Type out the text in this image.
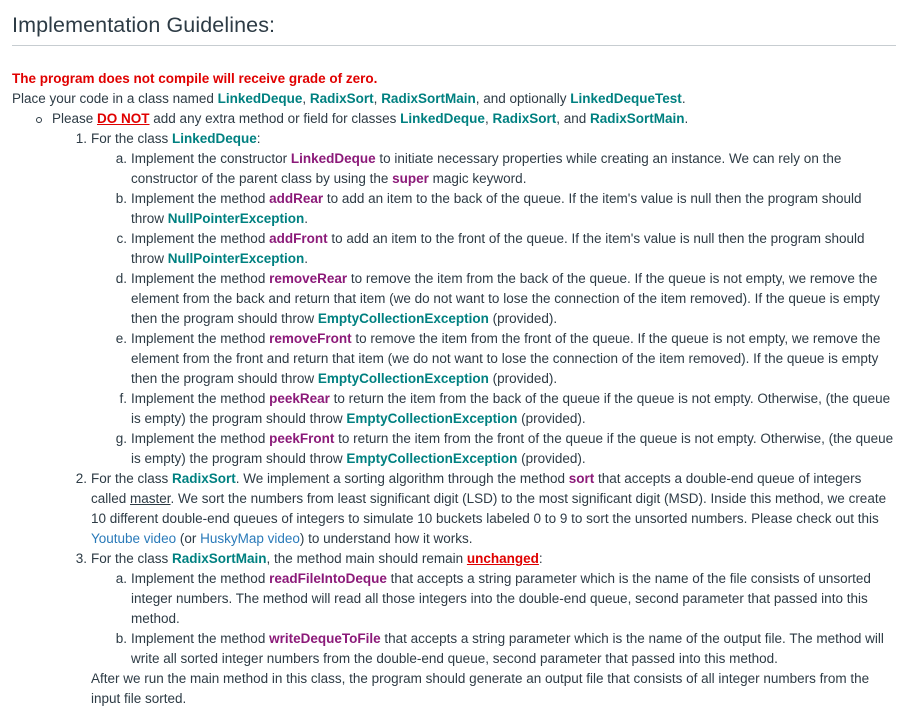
Implementation Guidelines:
The program does not compile will receive grade of zero.
Place your code in a class named LinkedDeque, RadixSort, RadixSortMain, and optionally LinkedDequeTest.
Please DO NOT add any extra method or field for classes LinkedDeque, RadixSort, and RadixSortMain.
1. For the class LinkedDeque:
a. Implement the constructor LinkedDeque to initiate necessary properties while creating an instance. We can rely on the constructor of the parent class by using the super magic keyword.
b. Implement the method addRear to add an item to the back of the queue. If the item's value is null then the program should throw NullPointerException.
c. Implement the method addFront to add an item to the front of the queue. If the item's value is null then the program should throw NullPointerException.
d. Implement the method removeRear to remove the item from the back of the queue. If the queue is not empty, we remove the element from the back and return that item (we do not want to lose the connection of the item removed). If the queue is empty then the program should throw EmptyCollectionException (provided).
e. Implement the method removeFront to remove the item from the front of the queue. If the queue is not empty, we remove the element from the front and return that item (we do not want to lose the connection of the item removed). If the queue is empty then the program should throw EmptyCollectionException (provided).
f. Implement the method peekRear to return the item from the back of the queue if the queue is not empty. Otherwise, (the queue is empty) the program should throw EmptyCollectionException (provided).
g. Implement the method peekFront to return the item from the front of the queue if the queue is not empty. Otherwise, (the queue is empty) the program should throw EmptyCollectionException (provided).
2. For the class RadixSort. We implement a sorting algorithm through the method sort that accepts a double-end queue of integers called master. We sort the numbers from least significant digit (LSD) to the most significant digit (MSD). Inside this method, we create 10 different double-end queues of integers to simulate 10 buckets labeled 0 to 9 to sort the unsorted numbers. Please check out this Youtube video (or HuskyMap video) to understand how it works.
3. For the class RadixSortMain, the method main should remain unchanged:
a. Implement the method readFileIntoDeque that accepts a string parameter which is the name of the file consists of unsorted integer numbers. The method will read all those integers into the double-end queue, second parameter that passed into this method.
b. Implement the method writeDequeToFile that accepts a string parameter which is the name of the output file. The method will write all sorted integer numbers from the double-end queue, second parameter that passed into this method.
After we run the main method in this class, the program should generate an output file that consists of all integer numbers from the input file sorted.
